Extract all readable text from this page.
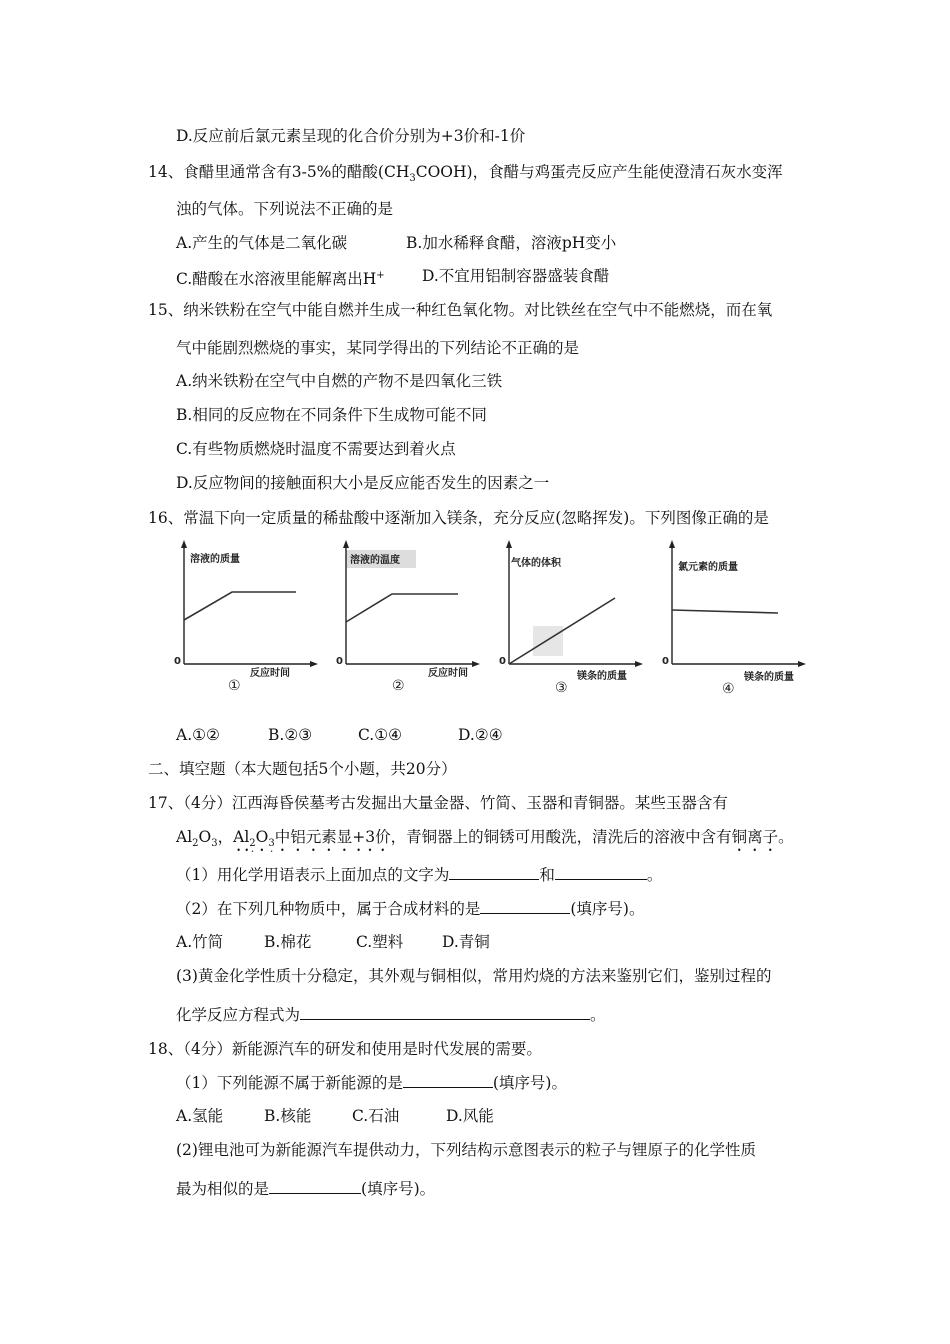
D.反应前后氯元素呈现的化合价分别为+3价和-1价
14、食醋里通常含有3-5%的醋酸$(CH_3COOH)$，食醋与鸡蛋壳反应产生能使澄清石灰水变浑
浊的气体。下列说法不正确的是
A.产生的气体是二氧化碳	B.加水稀释食醋，溶液pH变小
C.醋酸在水溶液里能解离出H+ D.不宜用铝制容器盛装食醋
15、纳米铁粉在空气中能自燃并生成一种红色氧化物。对比铁丝在空气中不能燃烧，而在氧
气中能剧烈燃烧的事实，某同学得出的下列结论不正确的是
A.纳米铁粉在空气中自燃的产物不是四氧化三铁
B.相同的反应物在不同条件下生成物可能不同
C.有些物质燃烧时温度不需要达到着火点
D.反应物间的接触面积大小是反应能否发生的因素之一
16、常温下向一定质量的稀盐酸中逐渐加入镁条，充分反应(忽略挥发)。下列图像正确的是
溶液的质量
反应时间
0
①
溶液的温度
反应时间
0
②
气体的体积
镁条的质量
0
③
氯元素的质量
镁条的质量
0
④
A.①②	B.②③	C.①④	D.②④
二、填空题（本大题包括5个小题，共20分）
17、（4分）江西海昏侯墓考古发掘出大量金器、竹简、玉器和青铜器。某些玉器含有
$Al_2O_3$，$Al_2O_3$中铝元素显+3价，青铜器上的铜锈可用酸洗，清洗后的溶液中含有铜离子。
（1）用化学用语表示上面加点的文字为	和	。
（2）在下列几种物质中，属于合成材料的是	(填序号)。
A.竹简	B.棉花	C.塑料	D.青铜
(3)黄金化学性质十分稳定，其外观与铜相似，常用灼烧的方法来鉴别它们，鉴别过程的
化学反应方程式为	。
18、（4分）新能源汽车的研发和使用是时代发展的需要。
（1）下列能源不属于新能源的是	(填序号)。
A.氢能	B.核能	C.石油	D.风能
(2)锂电池可为新能源汽车提供动力，下列结构示意图表示的粒子与锂原子的化学性质
最为相似的是	(填序号)。
